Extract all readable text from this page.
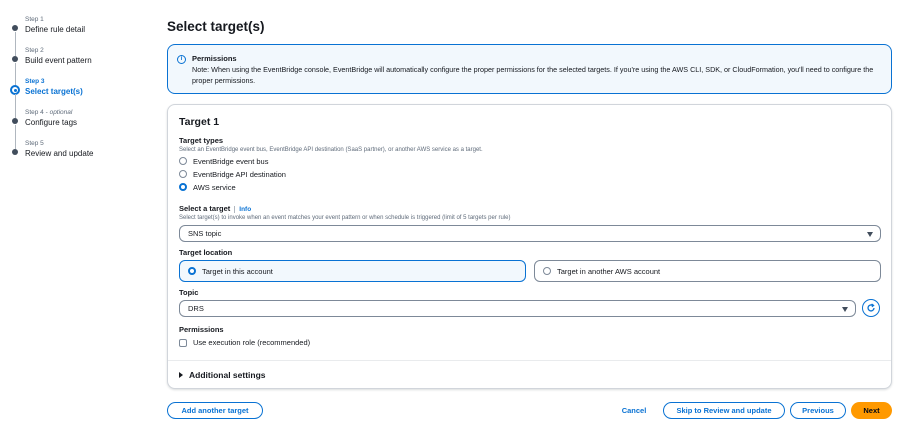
Step 1
Define rule detail
Step 2
Build event pattern
Step 3
Select target(s)
Step 4 - optional
Configure tags
Step 5
Review and update
Select target(s)
i	Permissions
Note: When using the EventBridge console, EventBridge will automatically configure the proper permissions for the selected targets. If you're using the AWS CLI, SDK, or CloudFormation, you'll need to configure the proper permissions.
Target 1
Target types
Select an EventBridge event bus, EventBridge API destination (SaaS partner), or another AWS service as a target.
EventBridge event bus
EventBridge API destination
AWS service
Select a target Info
Select target(s) to invoke when an event matches your event pattern or when schedule is triggered (limit of 5 targets per rule)
SNS topic
Target location
Target in this account	Target in another AWS account
Topic
DRS
Permissions
Use execution role (recommended)
Additional settings
Add another target	Cancel	Skip to Review and update	Previous	Next
